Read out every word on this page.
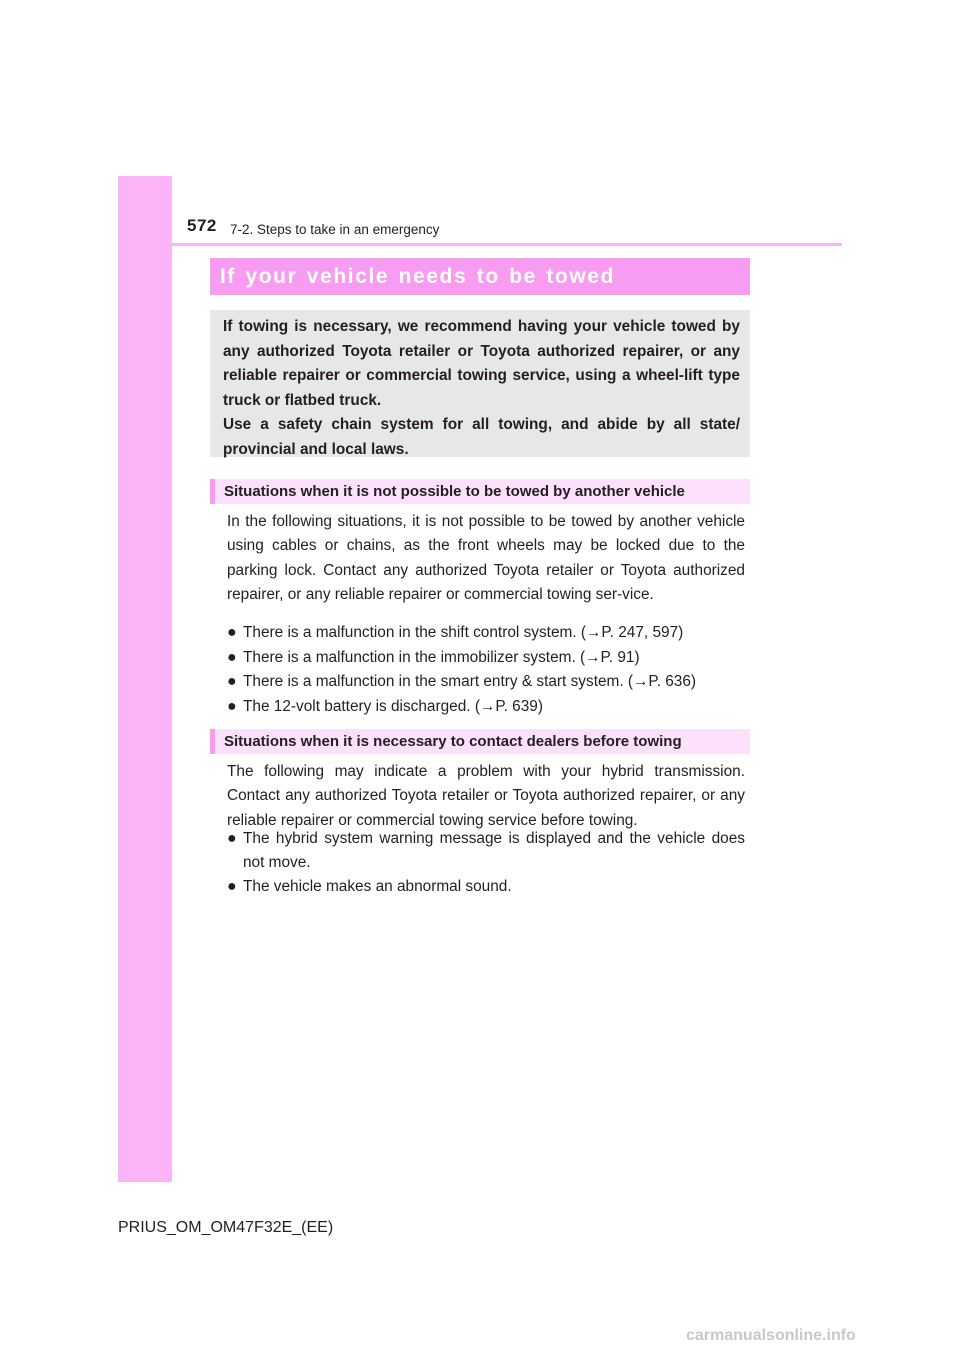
572 7-2. Steps to take in an emergency
If your vehicle needs to be towed

If towing is necessary, we recommend having your vehicle towed by any authorized Toyota retailer or Toyota authorized repairer, or any reliable repairer or commercial towing service, using a wheel-lift type truck or flatbed truck.

Use a safety chain system for all towing, and abide by all state/ provincial and local laws.

Situations when it is not possible to be towed by another vehicle

In the following situations, it is not possible to be towed by another vehicle using cables or chains, as the front wheels may be locked due to the parking lock. Contact any authorized Toyota retailer or Toyota authorized repairer, or any reliable repairer or commercial towing ser-vice.

● There is a malfunction in the shift control system. (→P. 247, 597)
● There is a malfunction in the immobilizer system. (→P. 91)
● There is a malfunction in the smart entry & start system. (→P. 636)
● The 12-volt battery is discharged. (→P. 639)
Situations when it is necessary to contact dealers before towing

The following may indicate a problem with your hybrid transmission. Contact any authorized Toyota retailer or Toyota authorized repairer, or any reliable repairer or commercial towing service before towing.

● The hybrid system warning message is displayed and the vehicle does not move.
● The vehicle makes an abnormal sound.
PRIUS_OM_OM47F32E_(EE)
carmanualsonline.info
